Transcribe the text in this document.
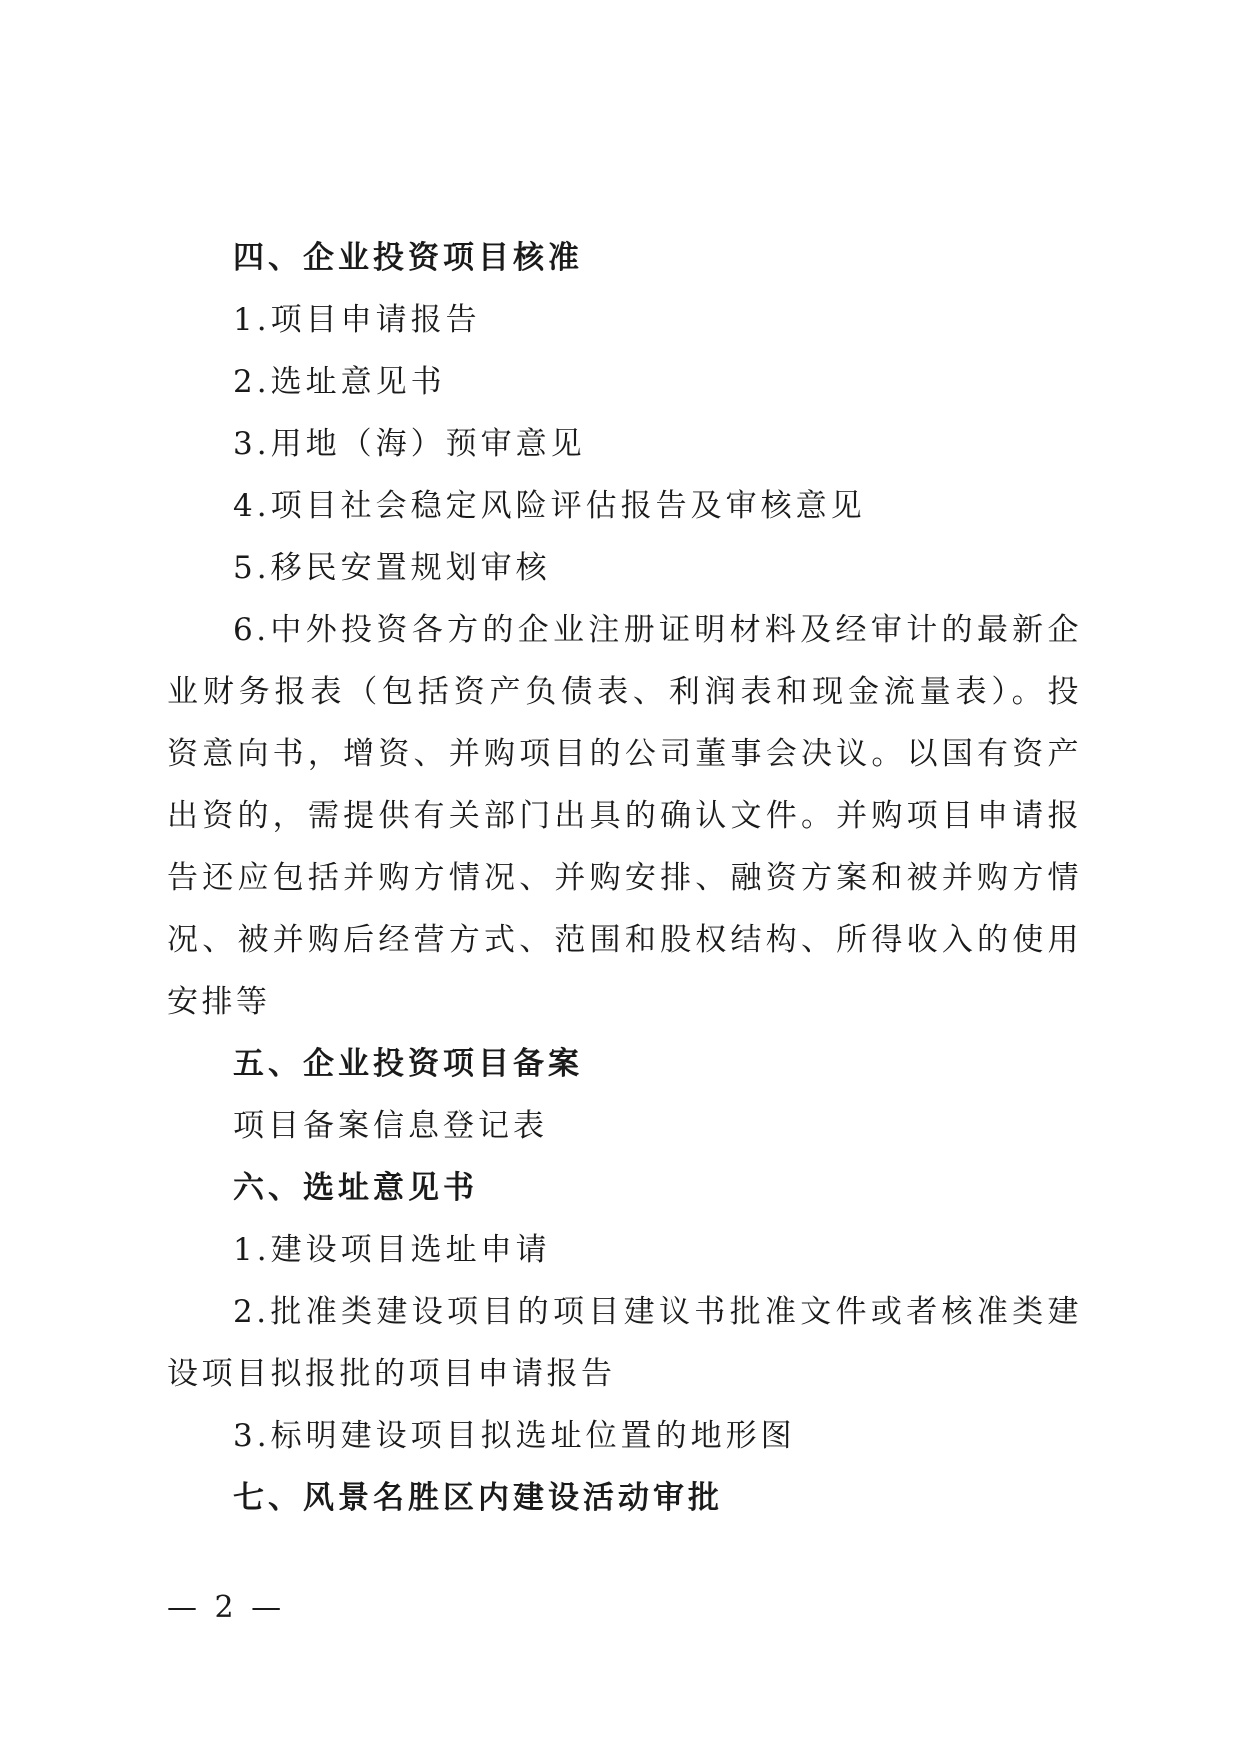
四、企业投资项目核准
1.项目申请报告
2.选址意见书
3.用地（海）预审意见
4.项目社会稳定风险评估报告及审核意见
5.移民安置规划审核

6.中外投资各方的企业注册证明材料及经审计的最新企业财务报表（包括资产负债表、利润表和现金流量表）。投资意向书，增资、并购项目的公司董事会决议。以国有资产出资的，需提供有关部门出具的确认文件。并购项目申请报告还应包括并购方情况、并购安排、融资方案和被并购方情况、被并购后经营方式、范围和股权结构、所得收入的使用安排等

五、企业投资项目备案
项目备案信息登记表
六、选址意见书
1.建设项目选址申请

2.批准类建设项目的项目建议书批准文件或者核准类建设项目拟报批的项目申请报告

3.标明建设项目拟选址位置的地形图
七、风景名胜区内建设活动审批
— 2 —
